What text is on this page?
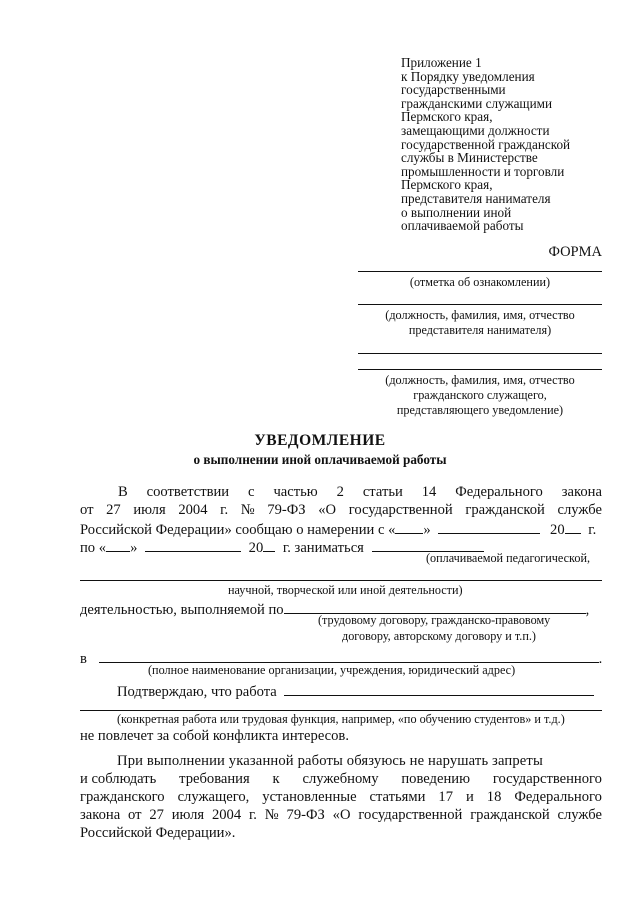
Приложение 1
к Порядку уведомления
государственными
гражданскими служащими
Пермского края,
замещающими должности
государственной гражданской
службы в Министерстве
промышленности и торговли
Пермского края,
представителя нанимателя
о выполнении иной
оплачиваемой работы
ФОРМА
(отметка об ознакомлении)
(должность, фамилия, имя, отчество
представителя нанимателя)
(должность, фамилия, имя, отчество
гражданского служащего,
представляющего уведомление)
УВЕДОМЛЕНИЕ
о выполнении иной оплачиваемой работы
В соответствии с частью 2 статьи 14 Федерального закона
от 27 июля 2004 г. № 79-ФЗ «О государственной гражданской службе
Российской Федерации» сообщаю о намерении с « »	20 г.
по « »	20 г. заниматься
(оплачиваемой педагогической,
научной, творческой или иной деятельности)
деятельностью, выполняемой по	,
(трудовому договору, гражданско-правовому
договору, авторскому договору и т.п.)
в	.
(полное наименование организации, учреждения, юридический адрес)
Подтверждаю, что работа
(конкретная работа или трудовая функция, например, «по обучению студентов» и т.д.)
не повлечет за собой конфликта интересов.
При выполнении указанной работы обязуюсь не нарушать запреты
и соблюдать требования к служебному поведению государственного
гражданского служащего, установленные статьями 17 и 18 Федерального
закона от 27 июля 2004 г. № 79-ФЗ «О государственной гражданской службе
Российской Федерации».
